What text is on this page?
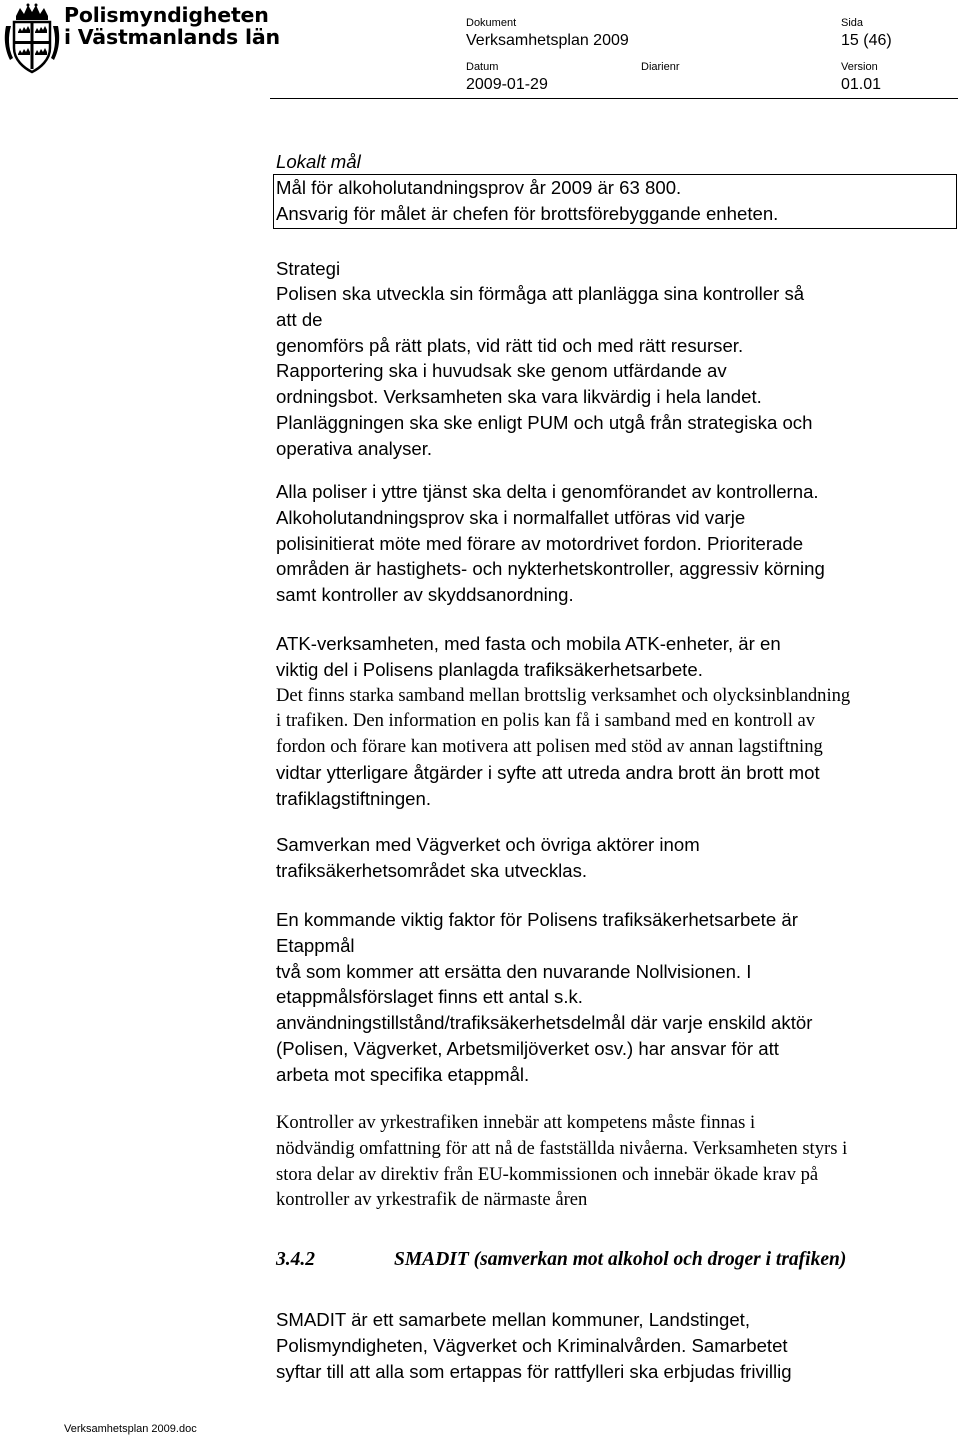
Polismyndigheten
i Västmanlands län
Dokument	Sida
Verksamhetsplan 2009	15 (46)
Datum	Diarienr	Version
2009-01-29	01.01
Lokalt mål
Mål för alkoholutandningsprov år 2009 är 63 800.
Ansvarig för målet är chefen för brottsförebyggande enheten.
Strategi
Polisen ska utveckla sin förmåga att planlägga sina kontroller så
att de
genomförs på rätt plats, vid rätt tid och med rätt resurser.
Rapportering ska i huvudsak ske genom utfärdande av
ordningsbot. Verksamheten ska vara likvärdig i hela landet.
Planläggningen ska ske enligt PUM och utgå från strategiska och
operativa analyser.
Alla poliser i yttre tjänst ska delta i genomförandet av kontrollerna.
Alkoholutandningsprov ska i normalfallet utföras vid varje
polisinitierat möte med förare av motordrivet fordon. Prioriterade
områden är hastighets- och nykterhetskontroller, aggressiv körning
samt kontroller av skyddsanordning.
ATK-verksamheten, med fasta och mobila ATK-enheter, är en
viktig del i Polisens planlagda trafiksäkerhetsarbete.
Det finns starka samband mellan brottslig verksamhet och olycksinblandning
i trafiken. Den information en polis kan få i samband med en kontroll av
fordon och förare kan motivera att polisen med stöd av annan lagstiftning
vidtar ytterligare åtgärder i syfte att utreda andra brott än brott mot
trafiklagstiftningen.
Samverkan med Vägverket och övriga aktörer inom
trafiksäkerhetsområdet ska utvecklas.
En kommande viktig faktor för Polisens trafiksäkerhetsarbete är
Etappmål
två som kommer att ersätta den nuvarande Nollvisionen. I
etappmålsförslaget finns ett antal s.k.
användningstillstånd/trafiksäkerhetsdelmål där varje enskild aktör
(Polisen, Vägverket, Arbetsmiljöverket osv.) har ansvar för att
arbeta mot specifika etappmål.
Kontroller av yrkestrafiken innebär att kompetens måste finnas i
nödvändig omfattning för att nå de fastställda nivåerna. Verksamheten styrs i
stora delar av direktiv från EU-kommissionen och innebär ökade krav på
kontroller av yrkestrafik de närmaste åren
3.4.2	SMADIT (samverkan mot alkohol och droger i trafiken)
SMADIT är ett samarbete mellan kommuner, Landstinget,
Polismyndigheten, Vägverket och Kriminalvården. Samarbetet
syftar till att alla som ertappas för rattfylleri ska erbjudas frivillig
Verksamhetsplan 2009.doc
